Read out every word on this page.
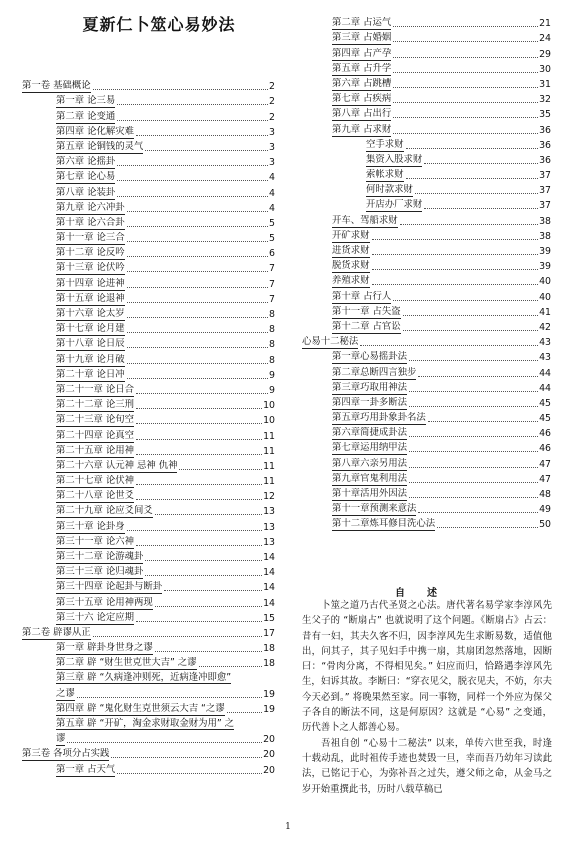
夏新仁卜筮心易妙法
第一卷 基础概论	2
第一章 论三易	2
第二章 论变通	2
第四章 论化解灾难	3
第五章 论铜钱的灵气	3
第六章 论摇卦	3
第七章 论心易	4
第八章 论装卦	4
第九章 论六冲卦	4
第十章 论六合卦	5
第十一章 论三合	5
第十二章 论反吟	6
第十三章 论伏吟	7
第十四章 论进神	7
第十五章 论退神	7
第十六章 论太岁	8
第十七章 论月建	8
第十八章 论日辰	8
第十九章 论月破	8
第二十章 论日冲	9
第二十一章 论日合	9
第二十二章 论三刑	10
第二十三章 论旬空	10
第二十四章 论真空	11
第二十五章 论用神	11
第二十六章 认元神 忌神 仇神	11
第二十七章 论伏神	11
第二十八章 论世爻	12
第二十九章 论应爻间爻	13
第三十章 论卦身	13
第三十一章 论六神	13
第三十二章 论游魂卦	14
第三十三章 论归魂卦	14
第三十四章 论起卦与断卦	14
第三十五章 论用神两现	14
第三十六 论定应期	15
第二卷 辟谬从正	17
第一章 辟卦身世身之谬	18
第二章 辟 “财生世克世大吉” 之谬	18
第三章 辟 “久病逢冲则死，近病逢冲即愈”
之谬	19
第四章 辟 “鬼化财生克世须云大吉 “之谬	19
第五章 辟 “开矿，淘金求财取金财为用” 之
谬	20
第三卷 各项分占实践	20
第一章 占天气	20
第二章 占运气	21
第三章 占婚姻	24
第四章 占产孕	29
第五章 占升学	30
第六章 占跳槽	31
第七章 占疾病	32
第八章 占出行	35
第九章 占求财	36
空手求财	36
集资入股求财	36
索帐求财	37
何时款求财	37
开店办厂求财	37
开车、驾船求财	38
开矿求财	38
进货求财	39
脱货求财	39
养殖求财	40
第十章 占行人	40
第十一章 占失盗	41
第十二章 占官讼	42
心易十二秘法	43
第一章心易摇卦法	43
第二章总断四言独步	44
第三章巧取用神法	44
第四章一卦多断法	45
第五章巧用卦象卦名法	45
第六章简捷成卦法	46
第七章运用纳甲法	46
第八章六亲另用法	47
第九章官鬼利用法	47
第十章活用外因法	48
第十一章预测来意法	49
第十二章炼耳修目洗心法	50
自述

卜筮之道乃古代圣贤之心法。唐代著名易学家李淳风先生父子的 “断扇占” 也就说明了这个问题。《断扇占》占云：昔有一妇，其夫久客不归，因李淳风先生求断易数，适值他出，问其子，其子见妇手中携一扇，其扇团忽然落地，因断曰：“骨肉分离，不得相见矣。” 妇应而归，恰路遇李淳风先生，妇诉其故。李断曰：“穿衣见父，脱衣见夫，不妨，尔夫今天必到。” 将晚果然至家。同一事物，同样一个外应为保父子各自的断法不同，这是何原因？这就是 “心易” 之变通，历代善卜之人都善心易。

吾祖自创 “心易十二秘法” 以来，单传六世至我，时逢十载动乱，此时祖传手迹也焚毁一旦，幸而吾乃幼年习读此法，已铭记于心，为弥补吾之过失，遵父师之命，从金马之岁开始重撰此书，历时八载草稿已

1
